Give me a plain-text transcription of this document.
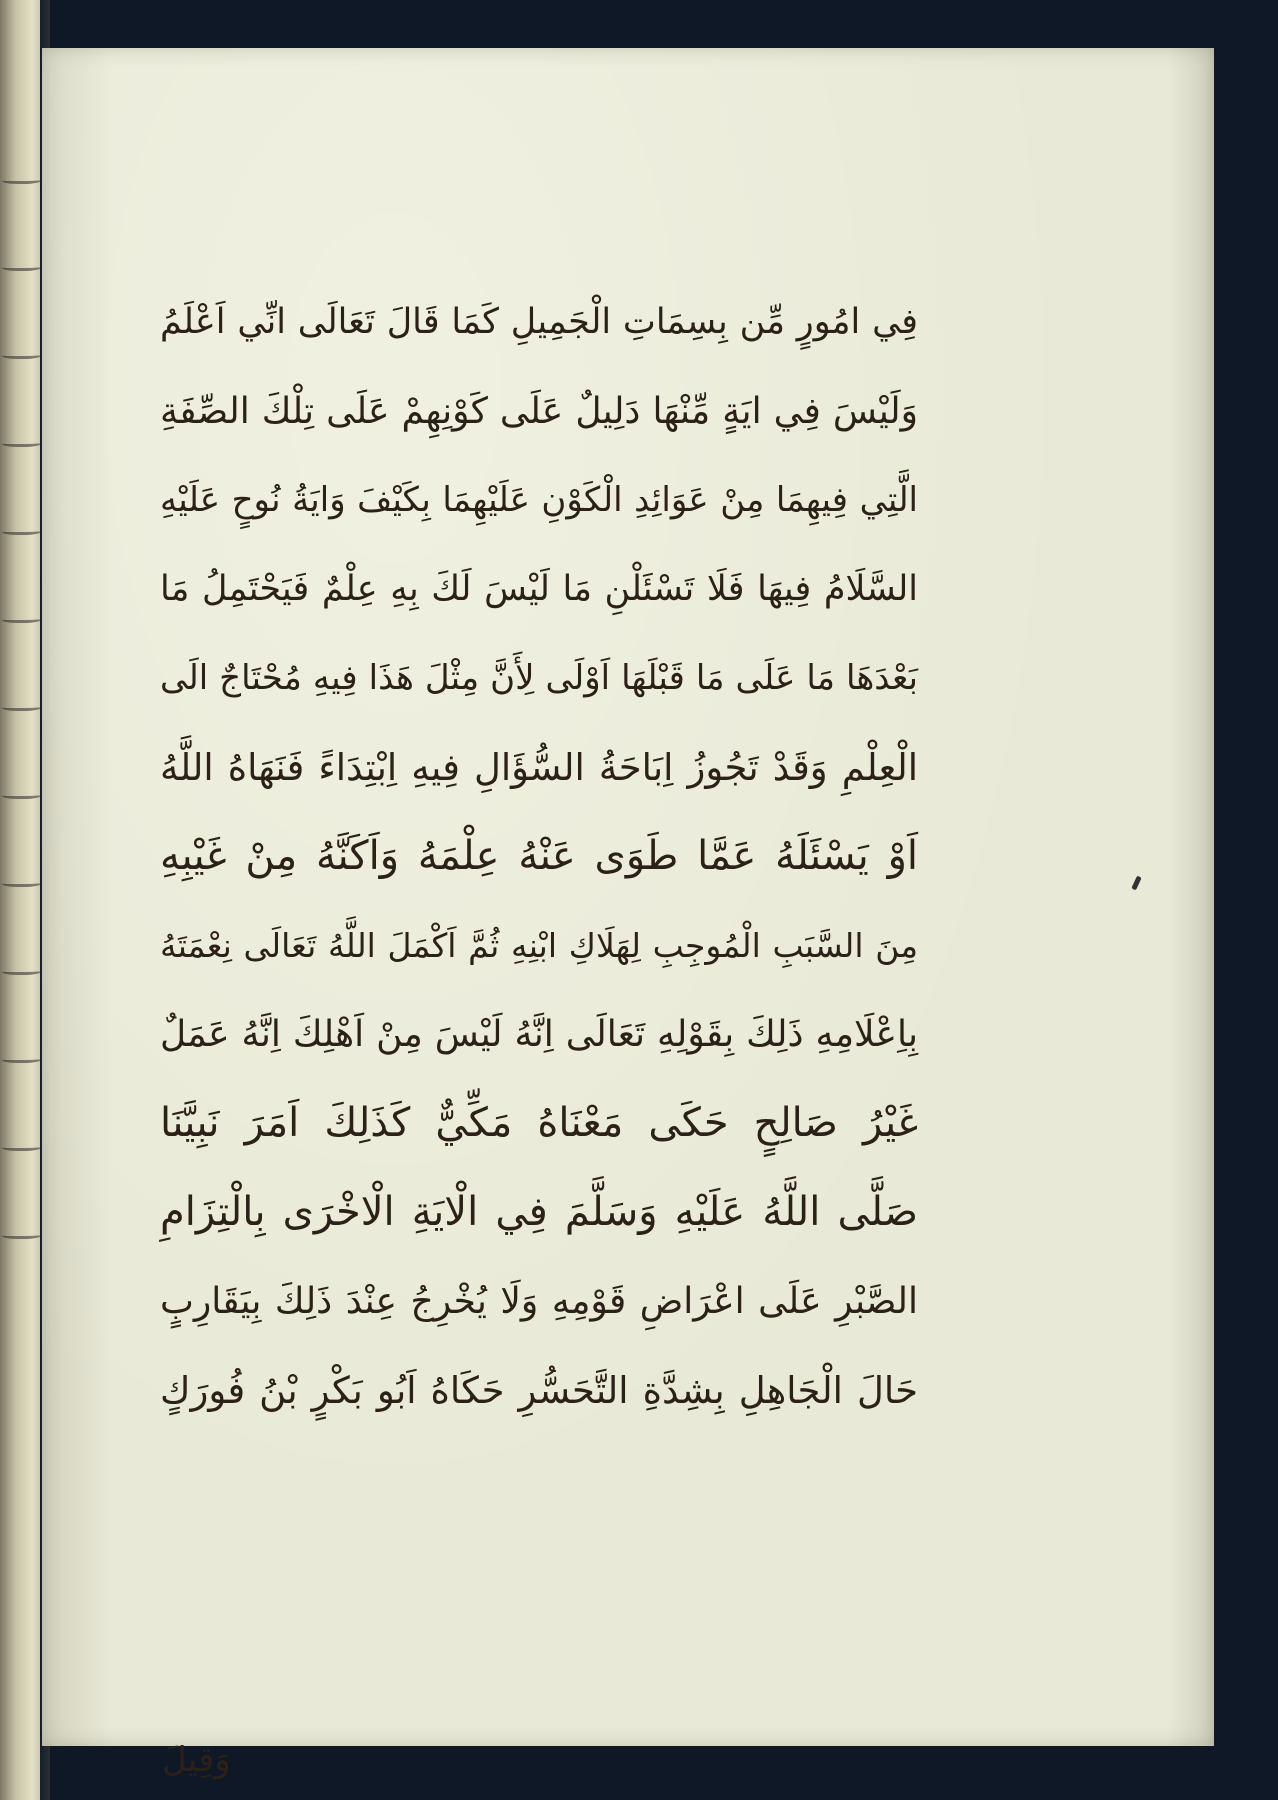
فِي امُورٍ مِّن بِسِمَاتِ الْجَمِيلِ كَمَا قَالَ تَعَالَى انِّي اَعْلَمُ
وَلَيْسَ فِي ايَةٍ مِّنْهَا دَلِيلٌ عَلَى كَوْنِهِمْ عَلَى تِلْكَ الصِّفَةِ
الَّتِي فِيهِمَا مِنْ عَوَائِدِ الْكَوْنِ عَلَيْهِمَا بِكَيْفَ وَايَةُ نُوحٍ عَلَيْهِ
السَّلَامُ فِيهَا فَلَا تَسْئَلْنِ مَا لَيْسَ لَكَ بِهِ عِلْمٌ فَيَحْتَمِلُ مَا
بَعْدَهَا مَا عَلَى مَا قَبْلَهَا اَوْلَى لِأَنَّ مِثْلَ هَذَا فِيهِ مُحْتَاجٌ الَى
الْعِلْمِ وَقَدْ تَجُوزُ اِبَاحَةُ السُّؤَالِ فِيهِ اِبْتِدَاءً فَنَهَاهُ اللَّهُ
اَوْ يَسْئَلَهُ عَمَّا طَوَى عَنْهُ عِلْمَهُ وَاَكَنَّهُ مِنْ غَيْبِهِ
مِنَ السَّبَبِ الْمُوجِبِ لِهَلَاكِ ابْنِهِ ثُمَّ اَكْمَلَ اللَّهُ تَعَالَى نِعْمَتَهُ
بِاِعْلَامِهِ ذَلِكَ بِقَوْلِهِ تَعَالَى اِنَّهُ لَيْسَ مِنْ اَهْلِكَ اِنَّهُ عَمَلٌ
غَيْرُ صَالِحٍ حَكَى مَعْنَاهُ مَكِّيٌّ كَذَلِكَ اَمَرَ نَبِيَّنَا
صَلَّى اللَّهُ عَلَيْهِ وَسَلَّمَ فِي الْايَةِ الْاخْرَى بِالْتِزَامِ
الصَّبْرِ عَلَى اعْرَاضِ قَوْمِهِ وَلَا يُخْرِجُ عِنْدَ ذَلِكَ بِيَقَارِبٍ
حَالَ الْجَاهِلِ بِشِدَّةِ التَّحَسُّرِ حَكَاهُ اَبُو بَكْرٍ بْنُ فُورَكٍ
وَقِيلَ
